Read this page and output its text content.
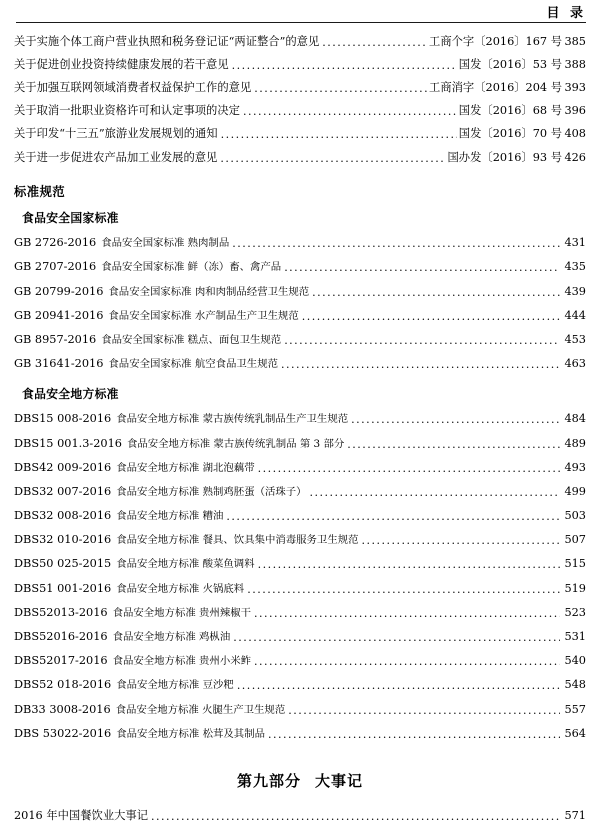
目 录
关于实施个体工商户营业执照和税务登记证“两证整合”的意见 .....	工商个字〔2016〕167 号 385
关于促进创业投资持续健康发展的若干意见 .....	国发〔2016〕53 号 388
关于加强互联网领域消费者权益保护工作的意见 .....	工商消字〔2016〕204 号 393
关于取消一批职业资格许可和认定事项的决定 .....	国发〔2016〕68 号 396
关于印发“十三五”旅游业发展规划的通知 .....	国发〔2016〕70 号 408
关于进一步促进农产品加工业发展的意见 .....	国办发〔2016〕93 号 426
标准规范
食品安全国家标准
GB 2726-2016 食品安全国家标准 熟肉制品 .....	431
GB 2707-2016 食品安全国家标准 鲜（冻）畜、禽产品 .....	435
GB 20799-2016 食品安全国家标准 肉和肉制品经营卫生规范 .....	439
GB 20941-2016 食品安全国家标准 水产制品生产卫生规范 .....	444
GB 8957-2016 食品安全国家标准 糕点、面包卫生规范 .....	453
GB 31641-2016 食品安全国家标准 航空食品卫生规范 .....	463
食品安全地方标准
DBS15 008-2016 食品安全地方标准 蒙古族传统乳制品生产卫生规范 .....	484
DBS15 001.3-2016 食品安全地方标准 蒙古族传统乳制品 第 3 部分 .....	489
DBS42 009-2016 食品安全地方标准 湖北泡藕带 .....	493
DBS32 007-2016 食品安全地方标准 熟制鸡胚蛋（活珠子） .....	499
DBS32 008-2016 食品安全地方标准 糟油 .....	503
DBS32 010-2016 食品安全地方标准 餐具、饮具集中消毒服务卫生规范 .....	507
DBS50 025-2015 食品安全地方标准 酸菜鱼调料 .....	515
DBS51 001-2016 食品安全地方标准 火锅底料 .....	519
DBS52013-2016 食品安全地方标准 贵州辣椒干 .....	523
DBS52016-2016 食品安全地方标准 鸡枞油 .....	531
DBS52017-2016 食品安全地方标准 贵州小米鲊 .....	540
DBS52 018-2016 食品安全地方标准 豆沙粑 .....	548
DB33 3008-2016 食品安全地方标准 火腿生产卫生规范 .....	557
DBS 53022-2016 食品安全地方标准 松茸及其制品 .....	564
第九部分 大事记
2016 年中国餐饮业大事记 .....	571
